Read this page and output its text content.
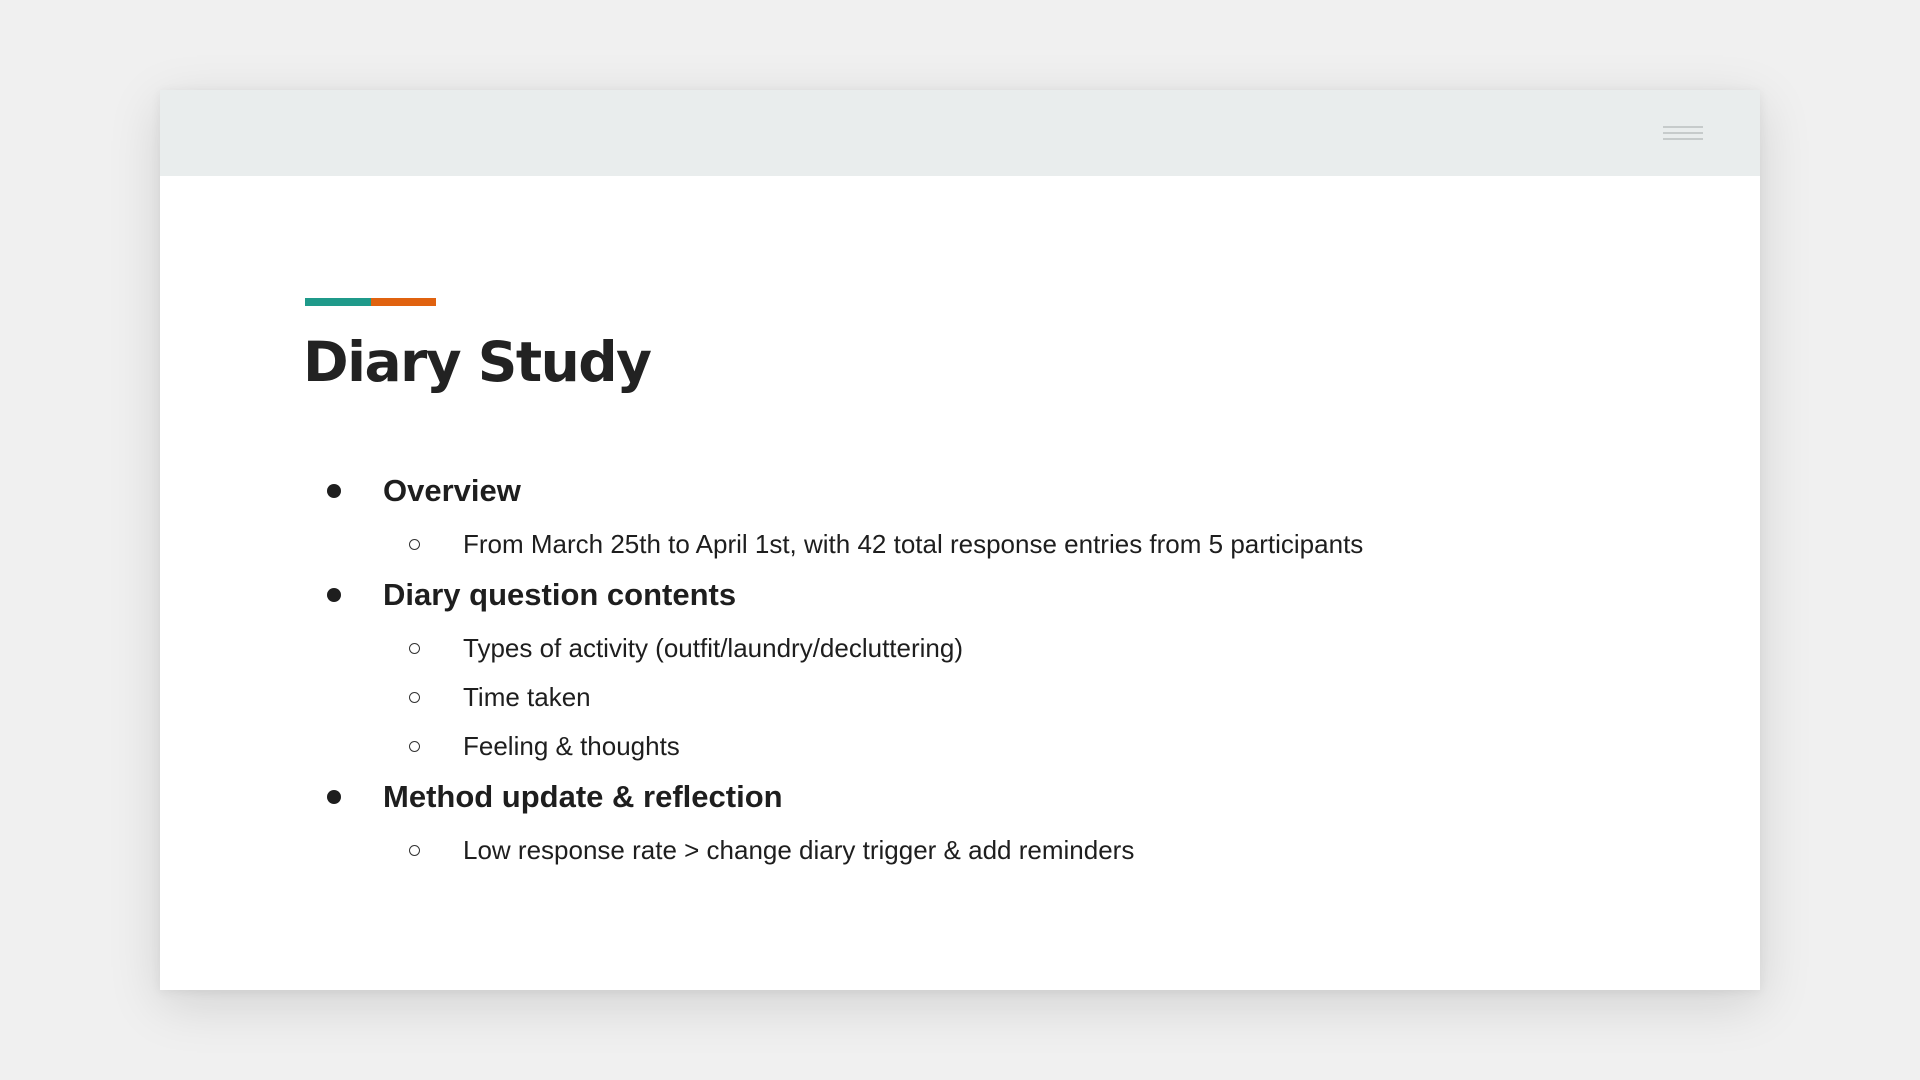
Diary Study
Overview
From March 25th to April 1st, with 42 total response entries from 5 participants
Diary question contents
Types of activity (outfit/laundry/decluttering)
Time taken
Feeling & thoughts
Method update & reflection
Low response rate > change diary trigger & add reminders
